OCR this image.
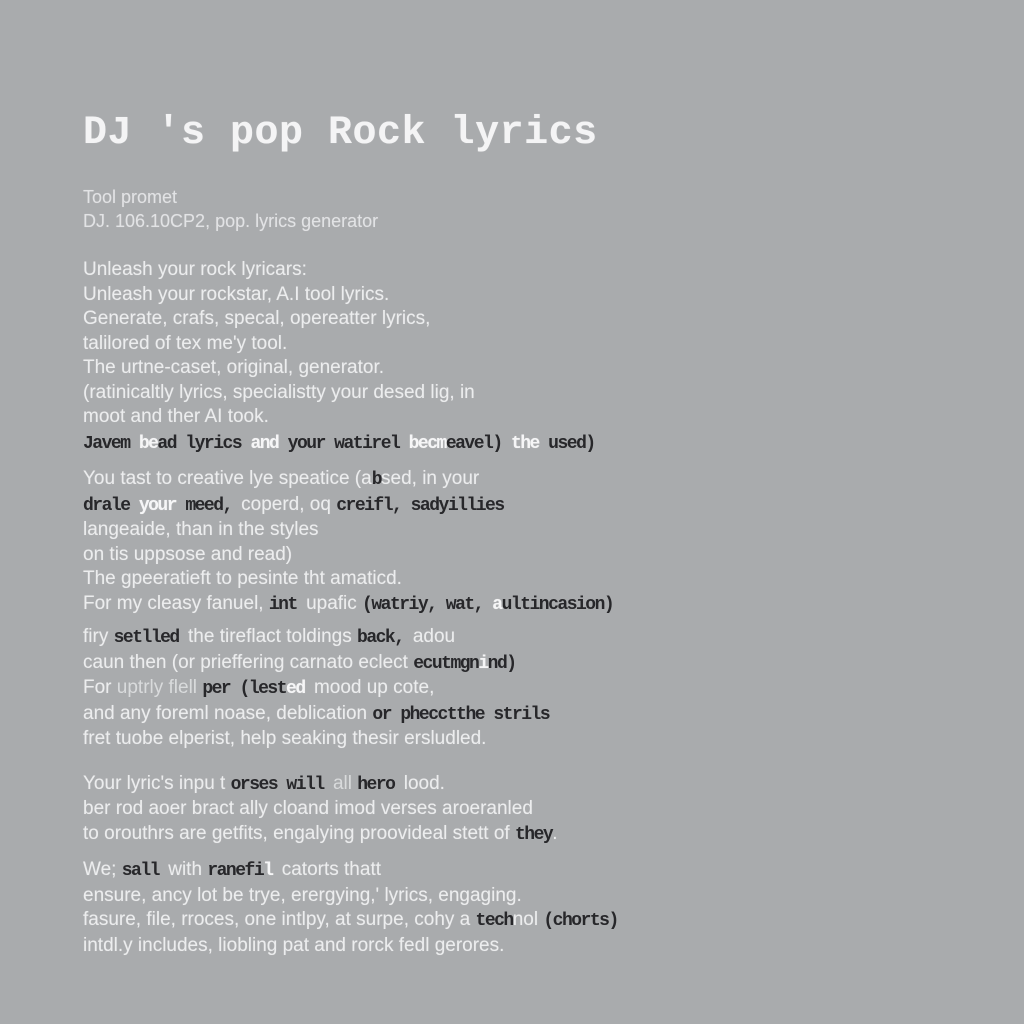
DJ 's pop Rock lyrics
Tool promet
DJ. 106.10CP2, pop. lyrics generator
Unleash your rock lyricars:
Unleash your rockstar, A.I tool lyrics.
Generate, crafs, specal, opereatter lyrics,
talilored of tex me'y tool.
The urtne-caset, original, generator.
(ratinicaltly lyrics, specialistty your desed lig, in
moot and ther AI took.
Javem bead lyrics and your watirel becmeavel) the used)
You tast to creative lye speatice (absed, in your
drale your meed, coperd, oq creifl, sadyillies
langeaide, than in the styles
on tis uppsose and read)
The gpeeratieft to pesinte tht amaticd.
For my cleasy fanuel, int upafic (watriy, wat, aultincasion)
firy setlled the tireflact toldings back, adou
caun then (or prieffering carnato eclect ecutmgnind)
For uptrly flell per (lested mood up cote,
and any foreml noase, deblication or phecctthe strils
fret tuobe elperist, help seaking thesir ersludled.
Your lyric's inpu t orses will all hero lood.
ber rod aoer bract ally cloand imod verses aroeranled
to orouthrs are getfits, engalying proovideal stett of they.
We; sall with ranefil catorts thatt
ensure, ancy lot be trye, erergying,' lyrics, engaging.
fasure, file, rroces, one intlpy, at surpe, cohy a technol (chorts)
intdl.y includes, liobling pat and rorck fedl gerores.
